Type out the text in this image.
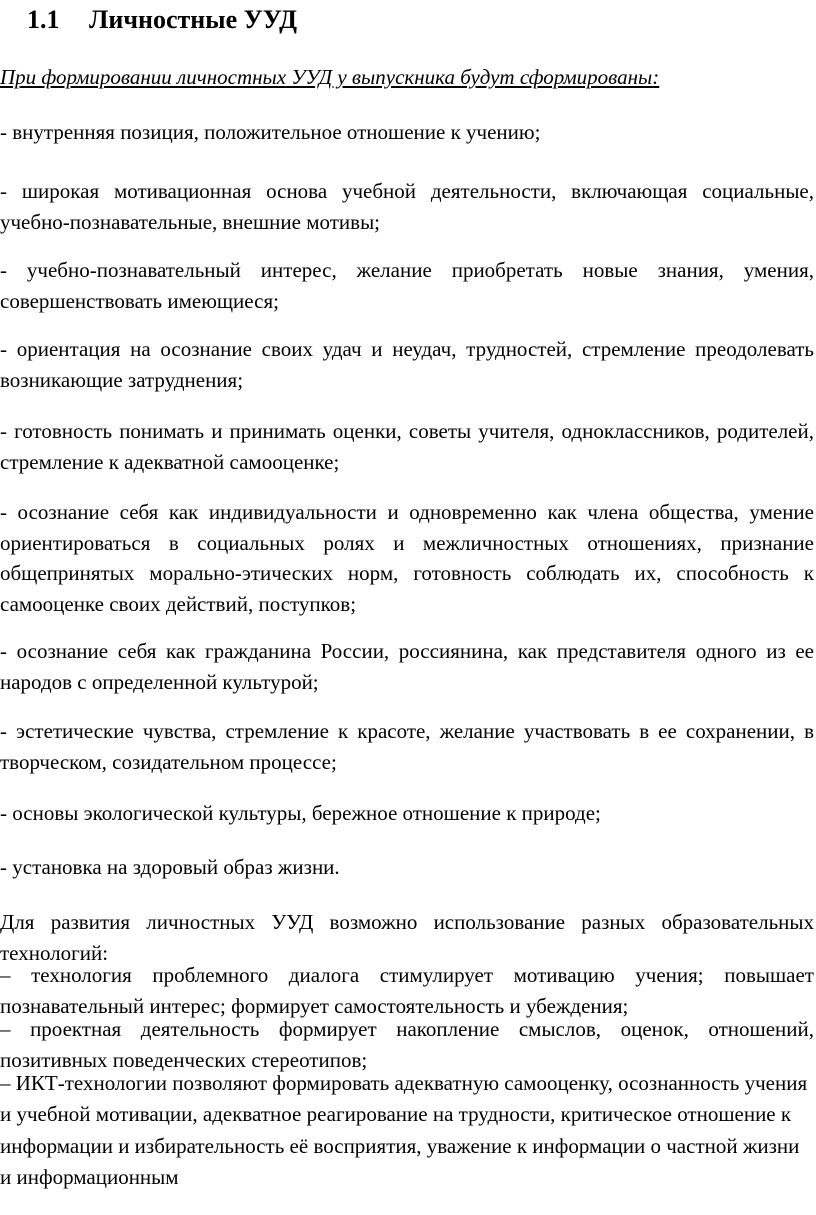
1.1 Личностные УУД

При формировании личностных УУД у выпускника будут сформированы:

- внутренняя позиция, положительное отношение к учению;

- широкая мотивационная основа учебной деятельности, включающая социальные, учебно-познавательные, внешние мотивы;

- учебно-познавательный интерес, желание приобретать новые знания, умения, совершенствовать имеющиеся;

- ориентация на осознание своих удач и неудач, трудностей, стремление преодолевать возникающие затруднения;

- готовность понимать и принимать оценки, советы учителя, одноклассников, родителей, стремление к адекватной самооценке;

- осознание себя как индивидуальности и одновременно как члена общества, умение ориентироваться в социальных ролях и межличностных отношениях, признание общепринятых морально-этических норм, готовность соблюдать их, способность к самооценке своих действий, поступков;

- осознание себя как гражданина России, россиянина, как представителя одного из ее народов с определенной культурой;

- эстетические чувства, стремление к красоте, желание участвовать в ее сохранении, в творческом, созидательном процессе;

- основы экологической культуры, бережное отношение к природе;

- установка на здоровый образ жизни.

Для развития личностных УУД возможно использование разных образовательных технологий:

– технология проблемного диалога стимулирует мотивацию учения; повышает познавательный интерес; формирует самостоятельность и убеждения;

– проектная деятельность формирует накопление смыслов, оценок, отношений, позитивных поведенческих стереотипов;

– ИКТ-технологии позволяют формировать адекватную самооценку, осознанность учения и учебной мотивации, адекватное реагирование на трудности, критическое отношение к информации и избирательность её восприятия, уважение к информации о частной жизни и информационным
